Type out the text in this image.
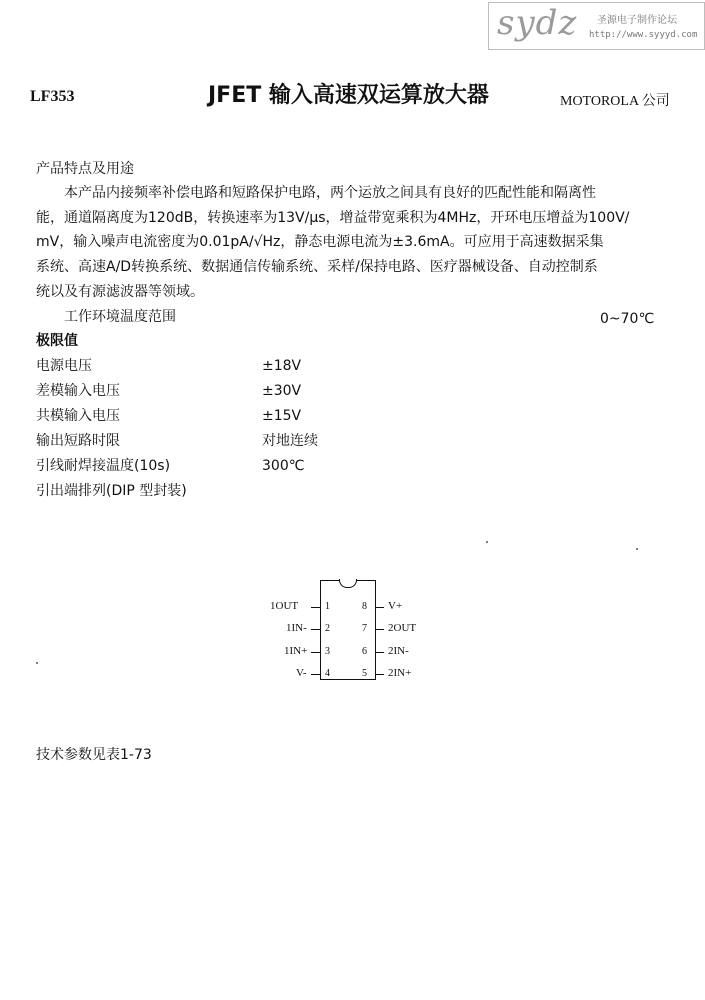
sydz 圣源电子制作论坛
http://www.syyyd.com
LF353	JFET 输入高速双运算放大器	MOTOROLA 公司
产品特点及用途
本产品内接频率补偿电路和短路保护电路，两个运放之间具有良好的匹配性能和隔离性
能，通道隔离度为120dB，转换速率为13V/μs，增益带宽乘积为4MHz，开环电压增益为100V/
mV，输入噪声电流密度为0.01pA/√Hz，静态电源电流为±3.6mA。可应用于高速数据采集
系统、高速A/D转换系统、数据通信传输系统、采样/保持电路、医疗器械设备、自动控制系
统以及有源滤波器等领域。
工作环境温度范围	0~70℃
极限值
电源电压	±18V
差模输入电压	±30V
共模输入电压	±15V
输出短路时限	对地连续
引线耐焊接温度(10s)	300℃
引出端排列(DIP 型封装)
1OUT	1
1IN- 2
1IN+ 3
V- 4
8 V+
7 2OUT
6 2IN-
5 2IN+
技术参数见表1-73
